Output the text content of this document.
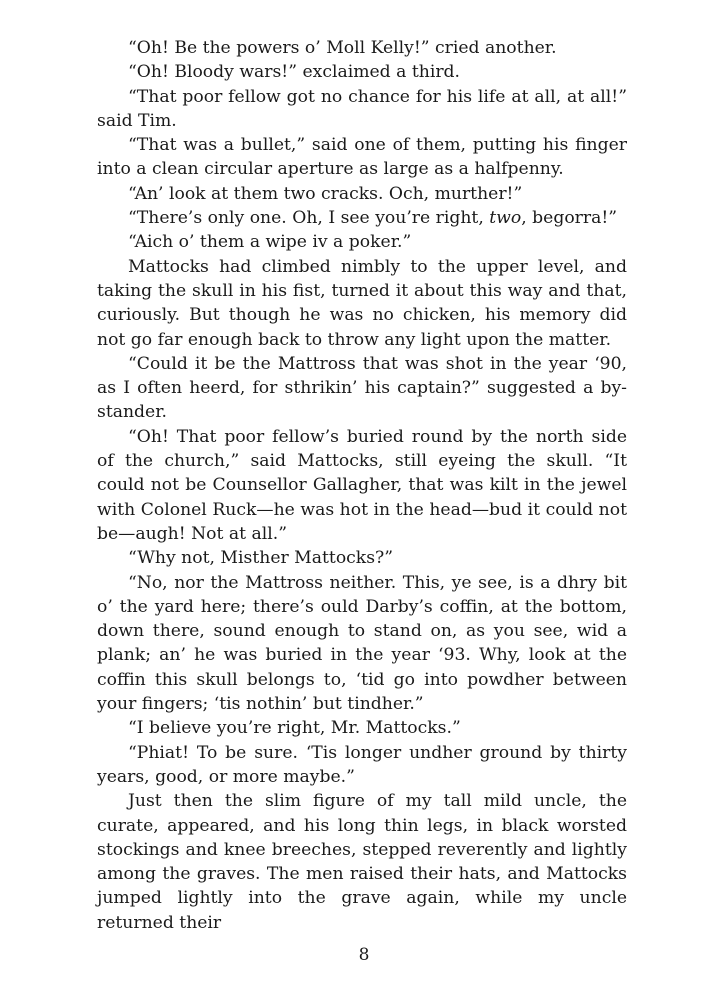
“Oh! Be the powers o’ Moll Kelly!” cried another.

“Oh! Bloody wars!” exclaimed a third.

“That poor fellow got no chance for his life at all, at all!” said Tim.

“That was a bullet,” said one of them, putting his finger into a clean circular aperture as large as a halfpenny.

“An’ look at them two cracks. Och, murther!”

“There’s only one. Oh, I see you’re right, two, begorra!”

“Aich o’ them a wipe iv a poker.”

Mattocks had climbed nimbly to the upper level, and taking the skull in his fist, turned it about this way and that, curiously. But though he was no chicken, his memory did not go far enough back to throw any light upon the matter.

“Could it be the Mattross that was shot in the year ‘90, as I often heerd, for sthrikin’ his captain?” suggested a by-stander.

“Oh! That poor fellow’s buried round by the north side of the church,” said Mattocks, still eyeing the skull. “It could not be Counsellor Gallagher, that was kilt in the jewel with Colonel Ruck—he was hot in the head—bud it could not be—augh! Not at all.”

“Why not, Misther Mattocks?”

“No, nor the Mattross neither. This, ye see, is a dhry bit o’ the yard here; there’s ould Darby’s coffin, at the bottom, down there, sound enough to stand on, as you see, wid a plank; an’ he was buried in the year ‘93. Why, look at the coffin this skull belongs to, ‘tid go into powdher between your fingers; ‘tis nothin’ but tindher.”

“I believe you’re right, Mr. Mattocks.”

“Phiat! To be sure. ‘Tis longer undher ground by thirty years, good, or more maybe.”

Just then the slim figure of my tall mild uncle, the curate, appeared, and his long thin legs, in black worsted stockings and knee breeches, stepped reverently and lightly among the graves. The men raised their hats, and Mattocks jumped lightly into the grave again, while my uncle returned their

8
